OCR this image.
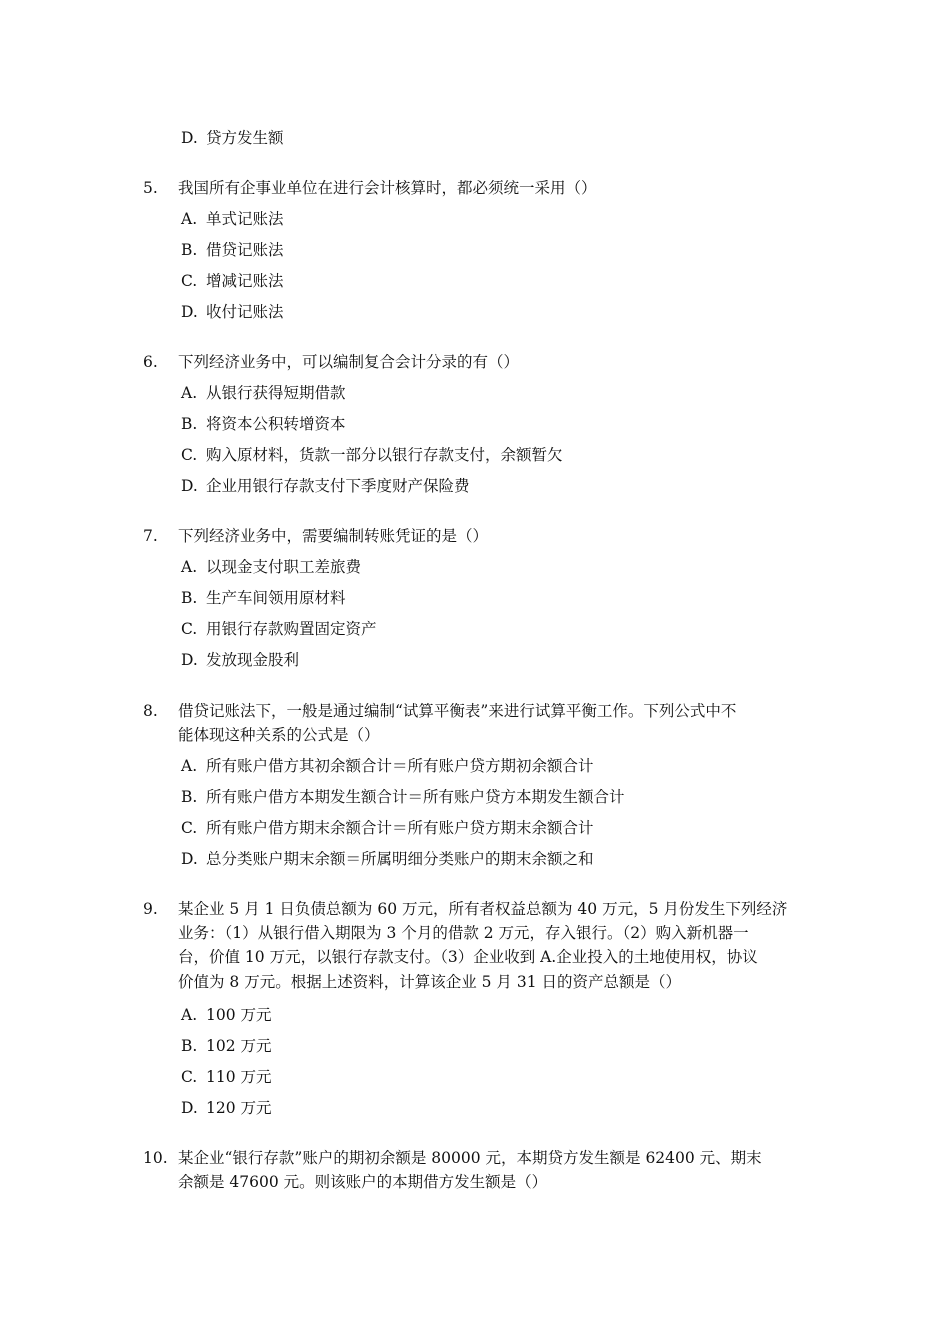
D. 贷方发生额
5. 我国所有企事业单位在进行会计核算时，都必须统一采用（）
A. 单式记账法
B. 借贷记账法
C. 增减记账法
D. 收付记账法
6. 下列经济业务中，可以编制复合会计分录的有（）
A. 从银行获得短期借款
B. 将资本公积转增资本
C. 购入原材料，货款一部分以银行存款支付，余额暂欠
D. 企业用银行存款支付下季度财产保险费
7. 下列经济业务中，需要编制转账凭证的是（）
A. 以现金支付职工差旅费
B. 生产车间领用原材料
C. 用银行存款购置固定资产
D. 发放现金股利
8. 借贷记账法下，一般是通过编制“试算平衡表”来进行试算平衡工作。下列公式中不
能体现这种关系的公式是（）
A. 所有账户借方其初余额合计＝所有账户贷方期初余额合计
B. 所有账户借方本期发生额合计＝所有账户贷方本期发生额合计
C. 所有账户借方期末余额合计＝所有账户贷方期末余额合计
D. 总分类账户期末余额＝所属明细分类账户的期末余额之和
9. 某企业 5 月 1 日负债总额为 60 万元，所有者权益总额为 40 万元，5 月份发生下列经济
业务：（1）从银行借入期限为 3 个月的借款 2 万元，存入银行。（2）购入新机器一
台，价值 10 万元，以银行存款支付。（3）企业收到 A.企业投入的土地使用权，协议
价值为 8 万元。根据上述资料，计算该企业 5 月 31 日的资产总额是（）
A. 100 万元
B. 102 万元
C. 110 万元
D. 120 万元
10. 某企业“银行存款”账户的期初余额是 80000 元，本期贷方发生额是 62400 元、期末
余额是 47600 元。则该账户的本期借方发生额是（）
